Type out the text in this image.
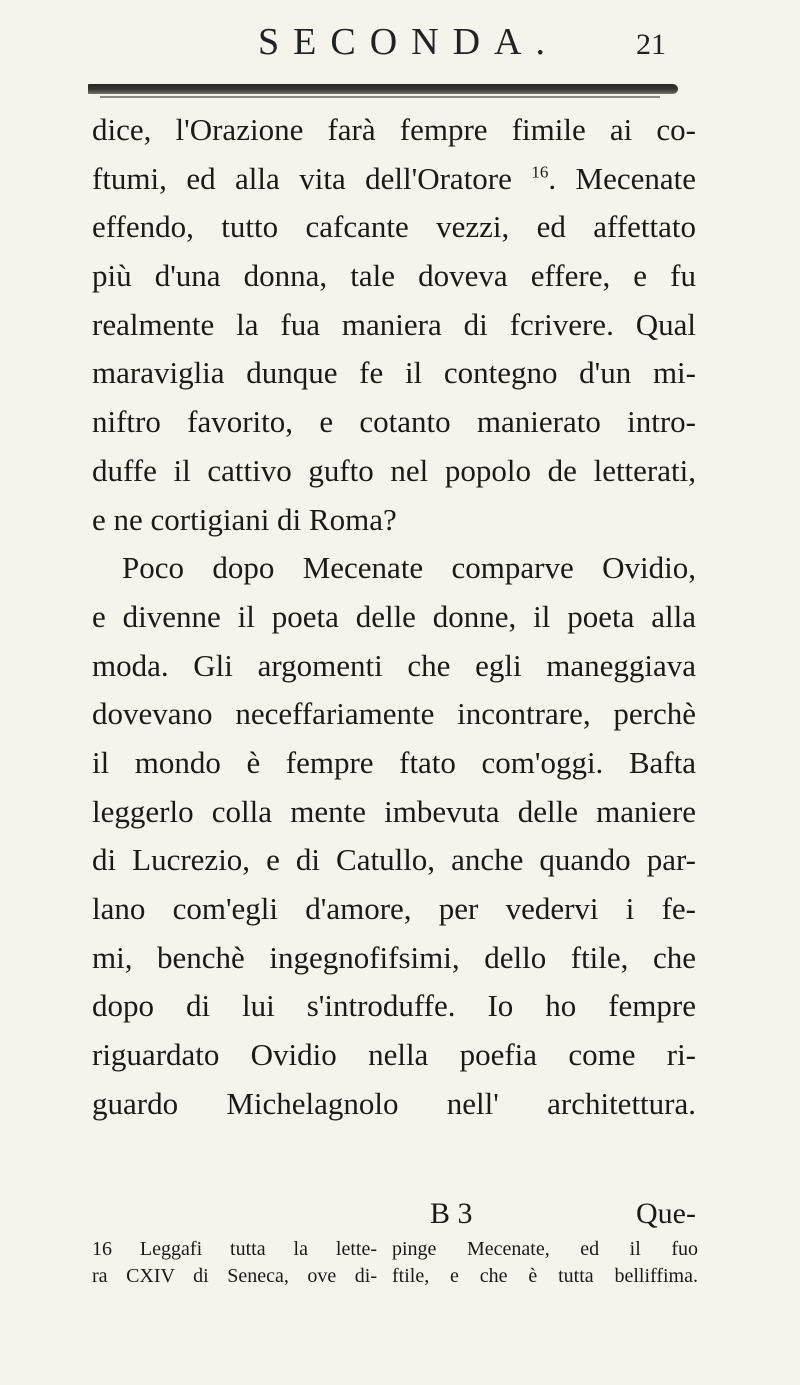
SECONDA.	21
dice, l'Orazione farà fempre fimile ai co-
ftumi, ed alla vita dell'Oratore $^{16}$. Mecenate
effendo, tutto cafcante vezzi, ed affettato
più d'una donna, tale doveva effere, e fu
realmente la fua maniera di fcrivere. Qual
maraviglia dunque fe il contegno d'un mi-
niftro favorito, e cotanto manierato intro-
duffe il cattivo gufto nel popolo de letterati,
e ne cortigiani di Roma?
Poco dopo Mecenate comparve Ovidio,
e divenne il poeta delle donne, il poeta alla
moda. Gli argomenti che egli maneggiava
dovevano neceffariamente incontrare, perchè
il mondo è fempre ftato com'oggi. Bafta
leggerlo colla mente imbevuta delle maniere
di Lucrezio, e di Catullo, anche quando par-
lano com'egli d'amore, per vedervi i fe-
mi, benchè ingegnofifsimi, dello ftile, che
dopo di lui s'introduffe. Io ho fempre
riguardato Ovidio nella poefia come ri-
guardo Michelagnolo nell' architettura.
B 3	Que-
16 Leggafi tutta la lette-
ra CXIV di Seneca, ove di-
pinge Mecenate, ed il fuo
ftile, e che è tutta belliffima.
